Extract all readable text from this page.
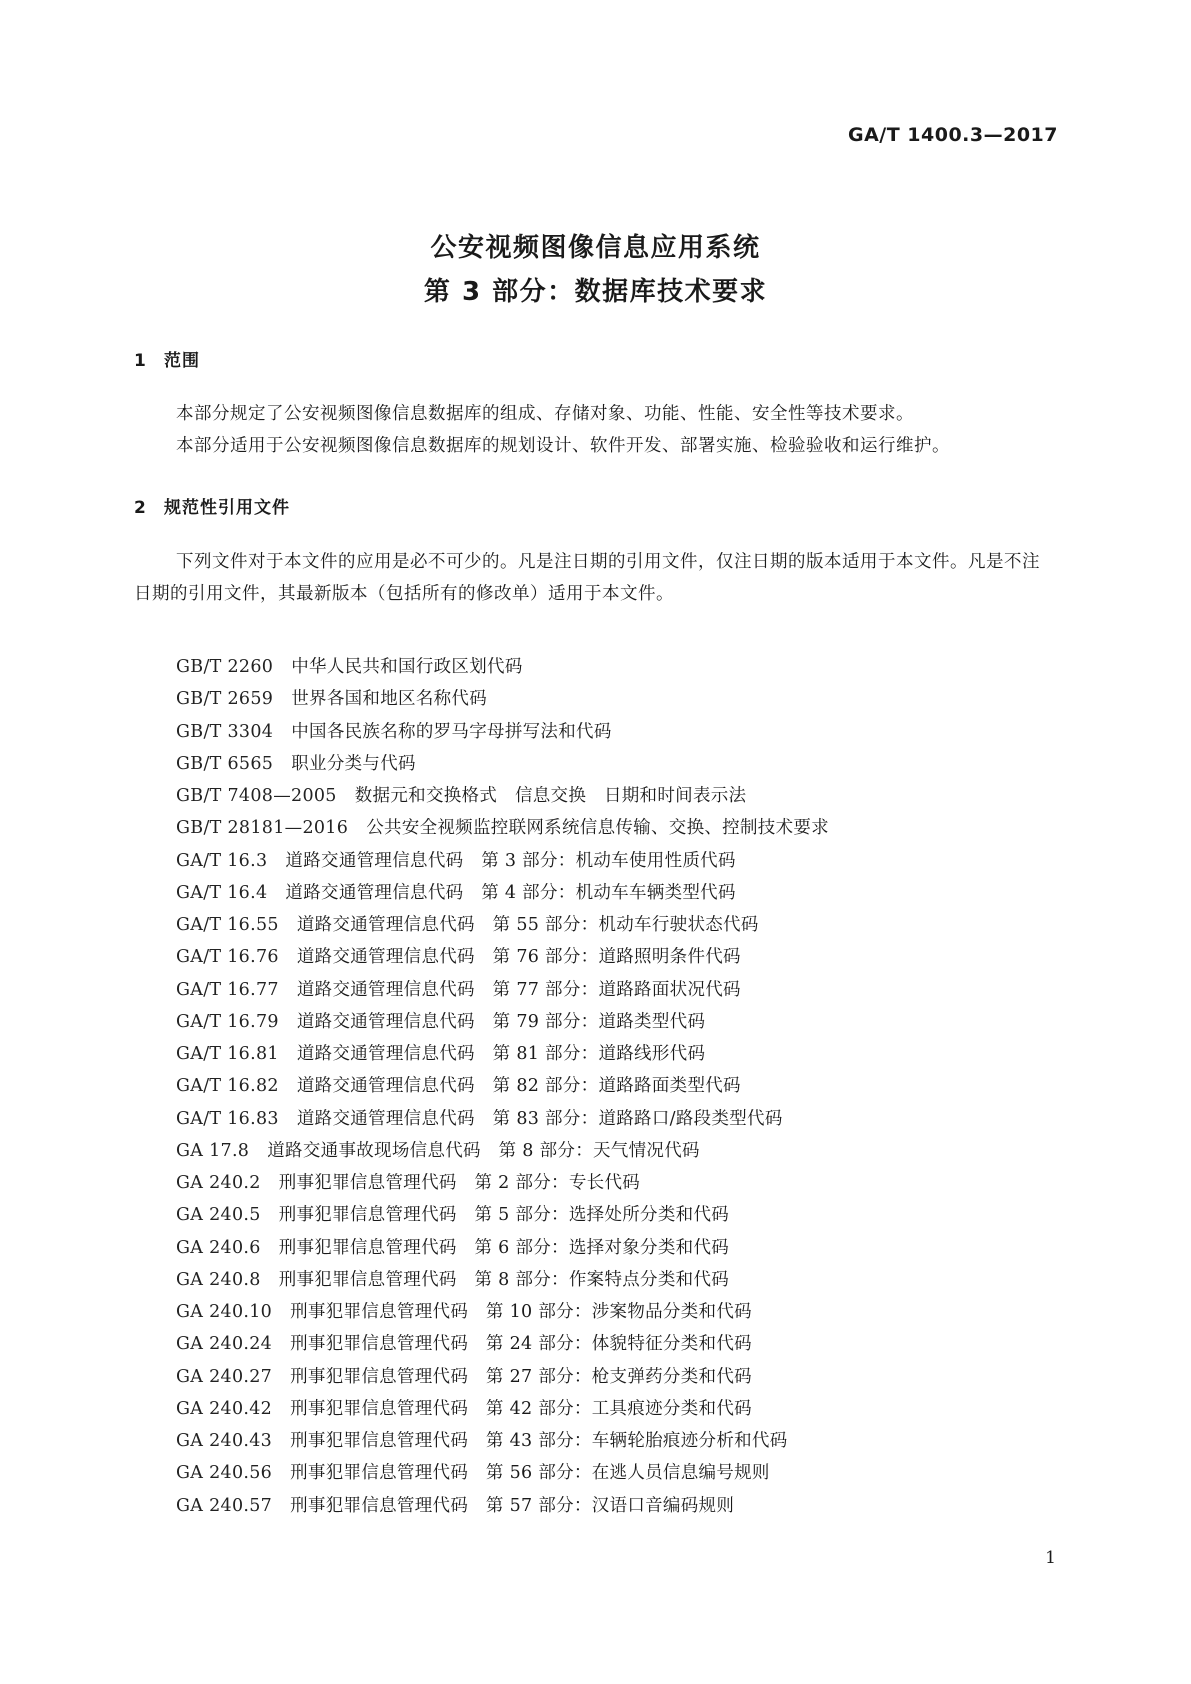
GA/T 1400.3—2017
公安视频图像信息应用系统
第 3 部分：数据库技术要求
1 范围

本部分规定了公安视频图像信息数据库的组成、存储对象、功能、性能、安全性等技术要求。

本部分适用于公安视频图像信息数据库的规划设计、软件开发、部署实施、检验验收和运行维护。

2 规范性引用文件

下列文件对于本文件的应用是必不可少的。凡是注日期的引用文件，仅注日期的版本适用于本文件。凡是不注日期的引用文件，其最新版本（包括所有的修改单）适用于本文件。

GB/T 2260 中华人民共和国行政区划代码
GB/T 2659 世界各国和地区名称代码
GB/T 3304 中国各民族名称的罗马字母拼写法和代码
GB/T 6565 职业分类与代码
GB/T 7408—2005 数据元和交换格式　信息交换　日期和时间表示法
GB/T 28181—2016 公共安全视频监控联网系统信息传输、交换、控制技术要求
GA/T 16.3 道路交通管理信息代码　第 3 部分：机动车使用性质代码
GA/T 16.4 道路交通管理信息代码　第 4 部分：机动车车辆类型代码
GA/T 16.55 道路交通管理信息代码　第 55 部分：机动车行驶状态代码
GA/T 16.76 道路交通管理信息代码　第 76 部分：道路照明条件代码
GA/T 16.77 道路交通管理信息代码　第 77 部分：道路路面状况代码
GA/T 16.79 道路交通管理信息代码　第 79 部分：道路类型代码
GA/T 16.81 道路交通管理信息代码　第 81 部分：道路线形代码
GA/T 16.82 道路交通管理信息代码　第 82 部分：道路路面类型代码
GA/T 16.83 道路交通管理信息代码　第 83 部分：道路路口/路段类型代码
GA 17.8 道路交通事故现场信息代码　第 8 部分：天气情况代码
GA 240.2 刑事犯罪信息管理代码　第 2 部分：专长代码
GA 240.5 刑事犯罪信息管理代码　第 5 部分：选择处所分类和代码
GA 240.6 刑事犯罪信息管理代码　第 6 部分：选择对象分类和代码
GA 240.8 刑事犯罪信息管理代码　第 8 部分：作案特点分类和代码
GA 240.10 刑事犯罪信息管理代码　第 10 部分：涉案物品分类和代码
GA 240.24 刑事犯罪信息管理代码　第 24 部分：体貌特征分类和代码
GA 240.27 刑事犯罪信息管理代码　第 27 部分：枪支弹药分类和代码
GA 240.42 刑事犯罪信息管理代码　第 42 部分：工具痕迹分类和代码
GA 240.43 刑事犯罪信息管理代码　第 43 部分：车辆轮胎痕迹分析和代码
GA 240.56 刑事犯罪信息管理代码　第 56 部分：在逃人员信息编号规则
GA 240.57 刑事犯罪信息管理代码　第 57 部分：汉语口音编码规则
1
